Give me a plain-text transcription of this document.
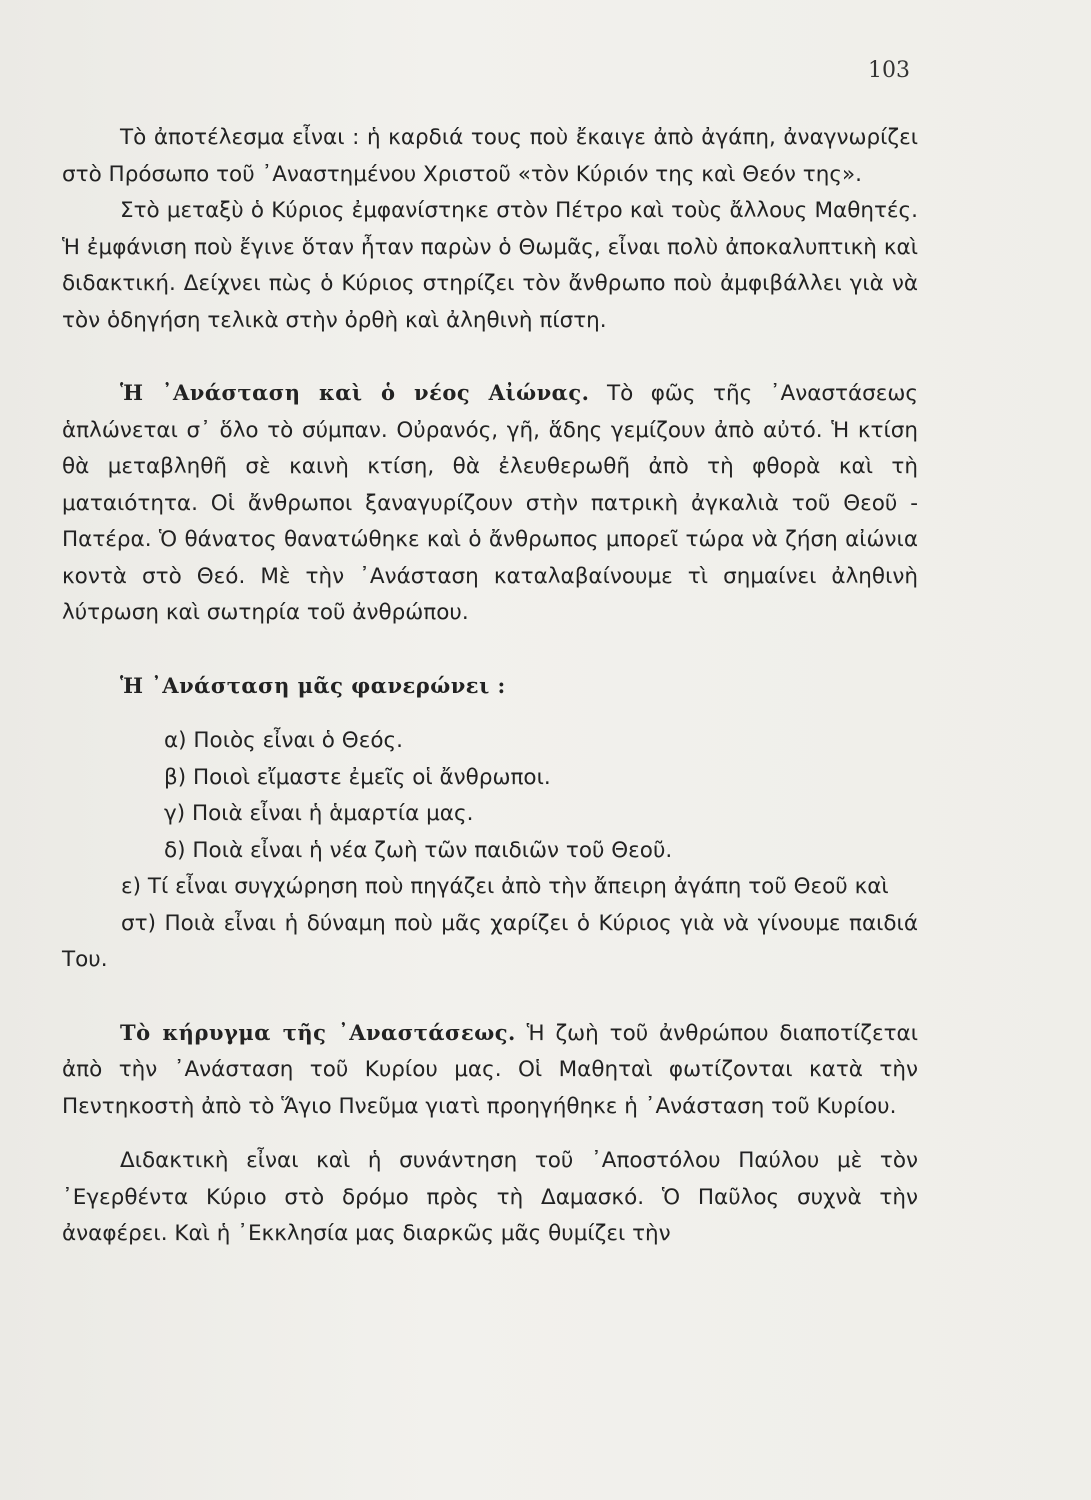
103

Τὸ ἀποτέλεσμα εἶναι : ἡ καρδιά τους ποὺ ἔκαιγε ἀπὸ ἀγάπη, ἀναγνωρίζει στὸ Πρόσωπο τοῦ ᾿Αναστημένου Χριστοῦ «τὸν Κύριόν της καὶ Θεόν της».

Στὸ μεταξὺ ὁ Κύριος ἐμφανίστηκε στὸν Πέτρο καὶ τοὺς ἄλλους Μαθητές. Ἡ ἐμφάνιση ποὺ ἔγινε ὅταν ἦταν παρὼν ὁ Θωμᾶς, εἶναι πολὺ ἀποκαλυπτικὴ καὶ διδακτική. Δείχνει πὼς ὁ Κύριος στηρίζει τὸν ἄνθρωπο ποὺ ἀμφιβάλλει γιὰ νὰ τὸν ὁδηγήση τελικὰ στὴν ὀρθὴ καὶ ἀληθινὴ πίστη.

Ἡ ᾿Ανάσταση καὶ ὁ νέος Αἰώνας. Τὸ φῶς τῆς ᾿Αναστάσεως ἁπλώνεται σ᾿ ὅλο τὸ σύμπαν. Οὐρανός, γῆ, ἅδης γεμίζουν ἀπὸ αὐτό. Ἡ κτίση θὰ μεταβληθῆ σὲ καινὴ κτίση, θὰ ἐλευθερωθῆ ἀπὸ τὴ φθορὰ καὶ τὴ ματαιότητα. Οἱ ἄνθρωποι ξαναγυρίζουν στὴν πατρικὴ ἀγκαλιὰ τοῦ Θεοῦ - Πατέρα. Ὁ θάνατος θανατώθηκε καὶ ὁ ἄνθρωπος μπορεῖ τώρα νὰ ζήση αἰώνια κοντὰ στὸ Θεό. Μὲ τὴν ᾿Ανάσταση καταλαβαίνουμε τὶ σημαίνει ἀληθινὴ λύτρωση καὶ σωτηρία τοῦ ἀνθρώπου.

Ἡ ᾿Ανάσταση μᾶς φανερώνει :

α) Ποιὸς εἶναι ὁ Θεός.

β) Ποιοὶ εἴμαστε ἐμεῖς οἱ ἄνθρωποι.

γ) Ποιὰ εἶναι ἡ ἁμαρτία μας.

δ) Ποιὰ εἶναι ἡ νέα ζωὴ τῶν παιδιῶν τοῦ Θεοῦ.

ε) Τί εἶναι συγχώρηση ποὺ πηγάζει ἀπὸ τὴν ἄπειρη ἀγάπη τοῦ Θεοῦ καὶ

στ) Ποιὰ εἶναι ἡ δύναμη ποὺ μᾶς χαρίζει ὁ Κύριος γιὰ νὰ γίνουμε παιδιά Του.

Τὸ κήρυγμα τῆς ᾿Αναστάσεως. Ἡ ζωὴ τοῦ ἀνθρώπου διαποτίζεται ἀπὸ τὴν ᾿Ανάσταση τοῦ Κυρίου μας. Οἱ Μαθηταὶ φωτίζονται κατὰ τὴν Πεντηκοστὴ ἀπὸ τὸ Ἅγιο Πνεῦμα γιατὶ προηγήθηκε ἡ ᾿Ανάσταση τοῦ Κυρίου.

Διδακτικὴ εἶναι καὶ ἡ συνάντηση τοῦ ᾿Αποστόλου Παύλου μὲ τὸν ᾿Εγερθέντα Κύριο στὸ δρόμο πρὸς τὴ Δαμασκό. Ὁ Παῦλος συχνὰ τὴν ἀναφέρει. Καὶ ἡ ᾿Εκκλησία μας διαρκῶς μᾶς θυμίζει τὴν
